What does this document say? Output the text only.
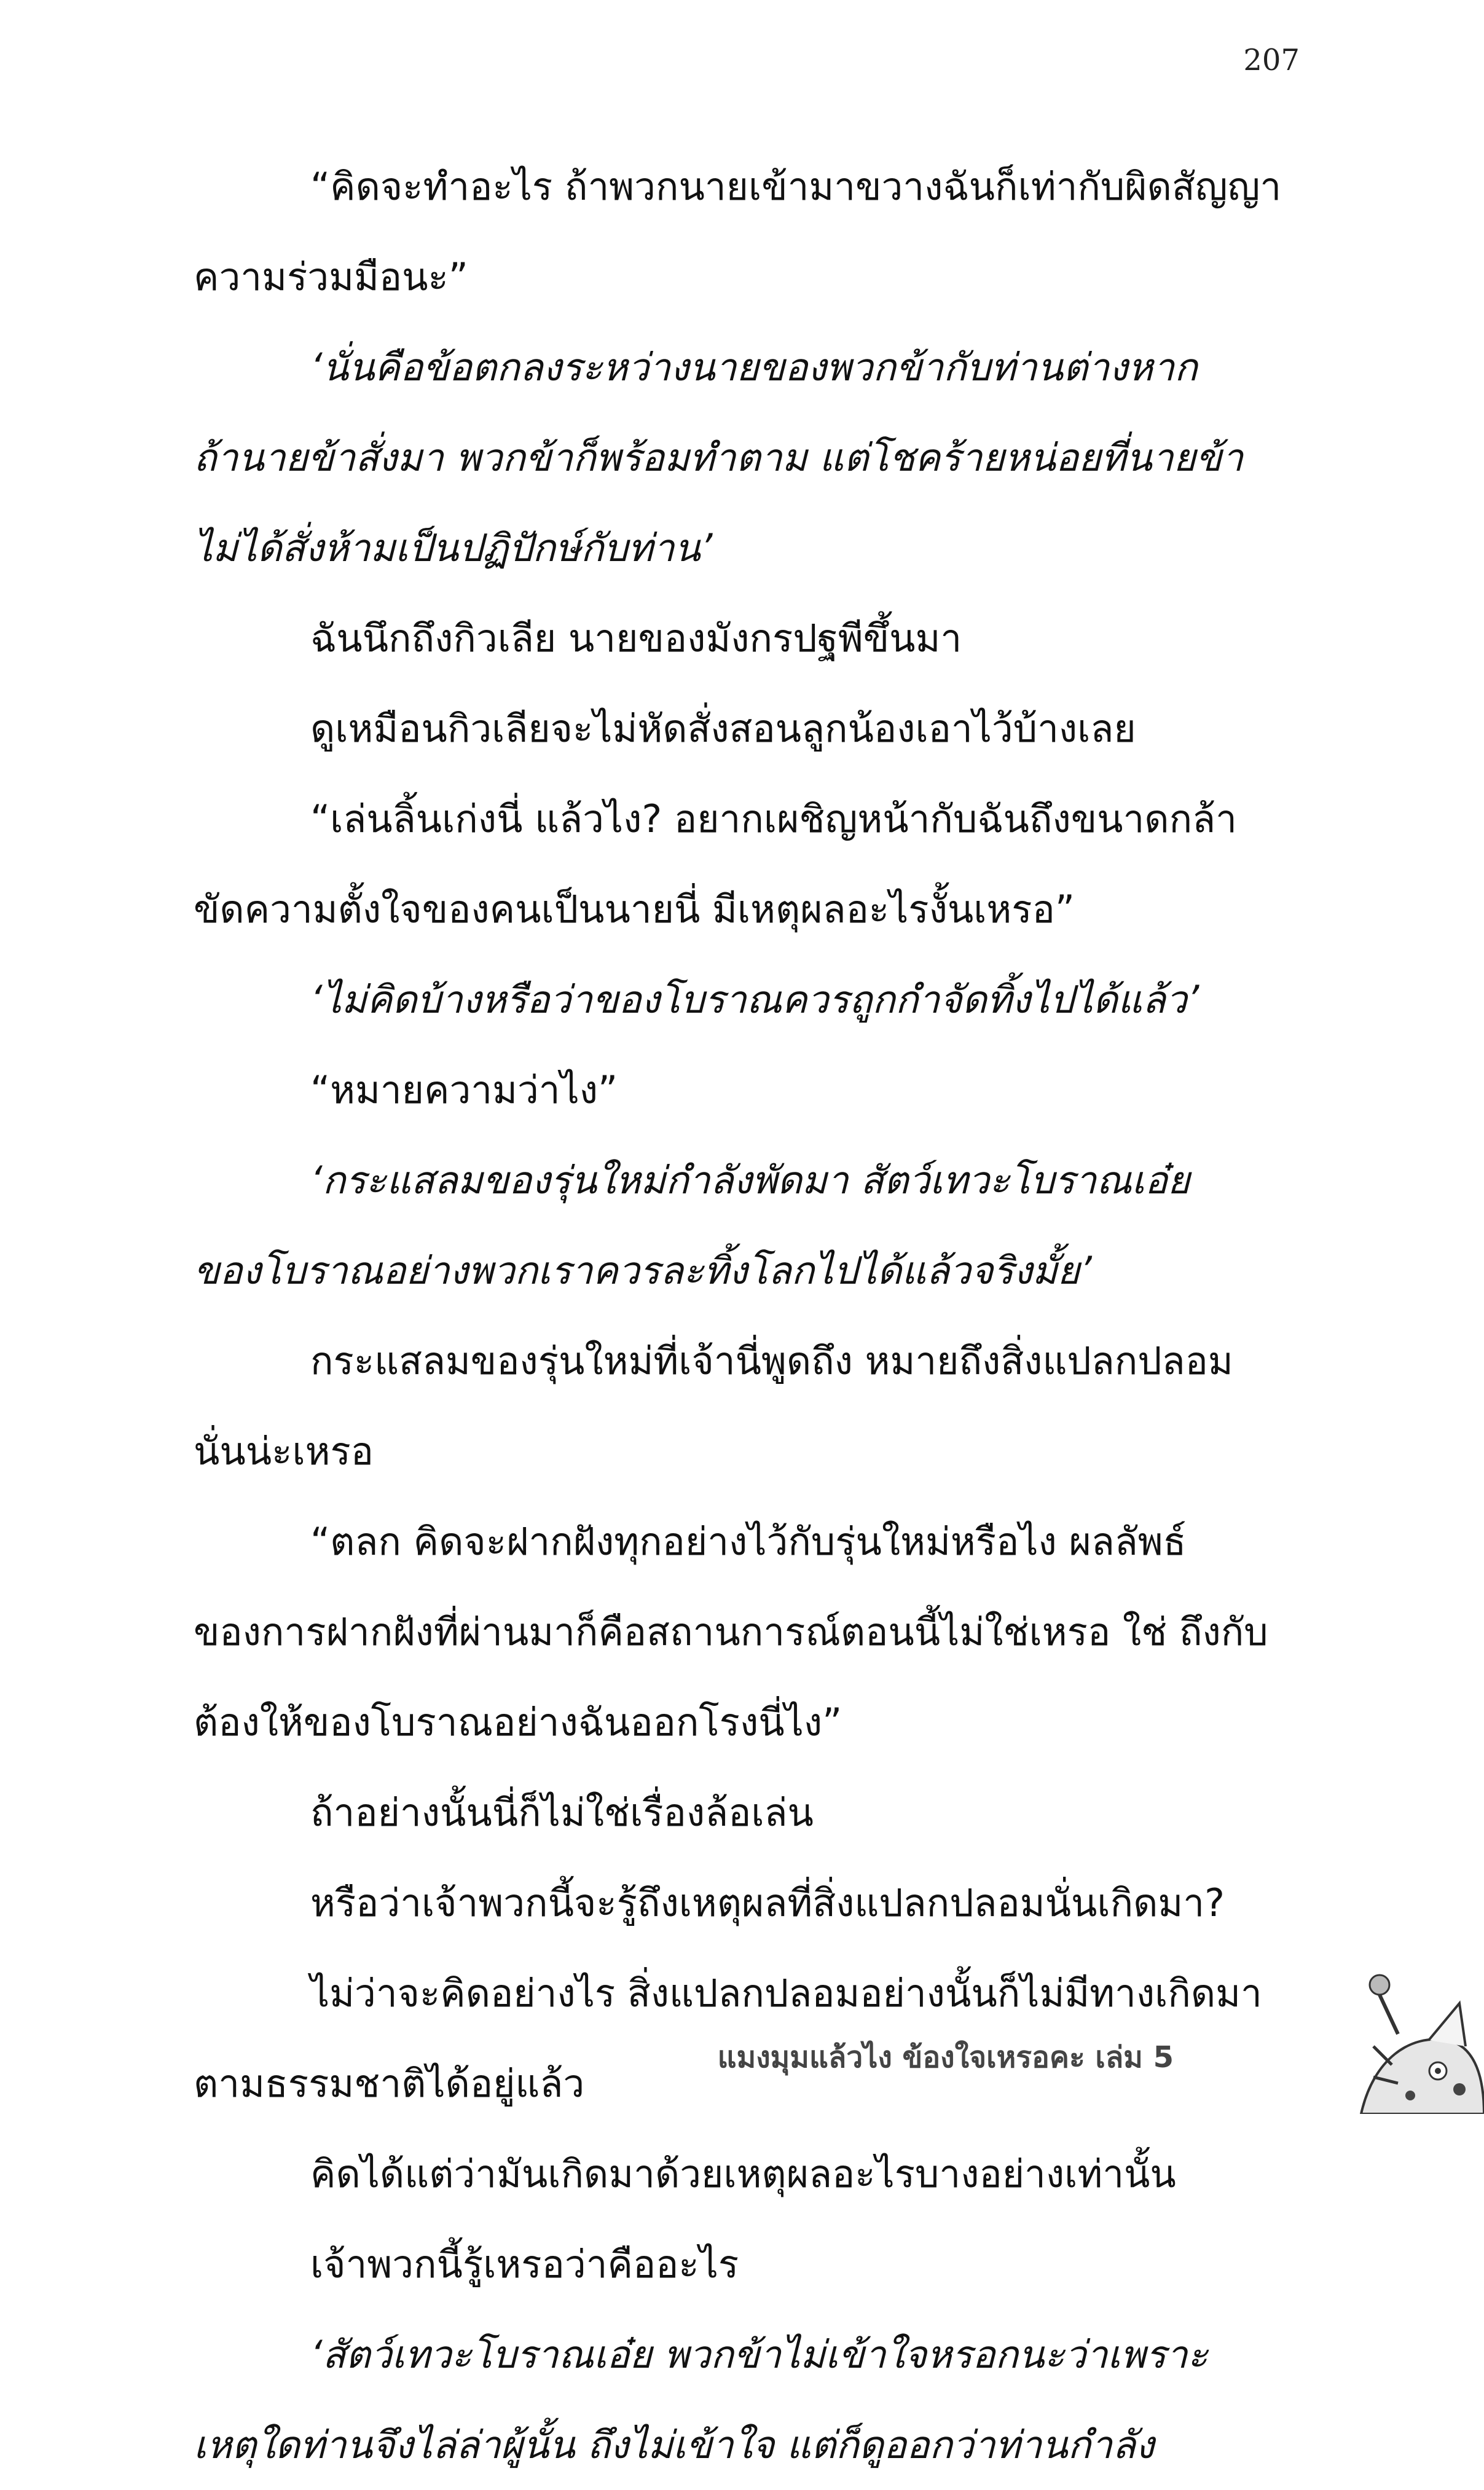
207
“คิดจะทำอะไร ถ้าพวกนายเข้ามาขวางฉันก็เท่ากับผิดสัญญา
ความร่วมมือนะ”
‘นั่นคือข้อตกลงระหว่างนายของพวกข้ากับท่านต่างหาก
ถ้านายข้าสั่งมา พวกข้าก็พร้อมทำตาม แต่โชคร้ายหน่อยที่นายข้า
ไม่ได้สั่งห้ามเป็นปฏิปักษ์กับท่าน’
ฉันนึกถึงกิวเลีย นายของมังกรปฐพีขึ้นมา
ดูเหมือนกิวเลียจะไม่หัดสั่งสอนลูกน้องเอาไว้บ้างเลย
“เล่นลิ้นเก่งนี่ แล้วไง? อยากเผชิญหน้ากับฉันถึงขนาดกล้า
ขัดความตั้งใจของคนเป็นนายนี่ มีเหตุผลอะไรงั้นเหรอ”
‘ไม่คิดบ้างหรือว่าของโบราณควรถูกกำจัดทิ้งไปได้แล้ว’
“หมายความว่าไง”
‘กระแสลมของรุ่นใหม่กำลังพัดมา สัตว์เทวะโบราณเอ๋ย
ของโบราณอย่างพวกเราควรละทิ้งโลกไปได้แล้วจริงมั้ย’
กระแสลมของรุ่นใหม่ที่เจ้านี่พูดถึง หมายถึงสิ่งแปลกปลอม
นั่นน่ะเหรอ
“ตลก คิดจะฝากฝังทุกอย่างไว้กับรุ่นใหม่หรือไง ผลลัพธ์
ของการฝากฝังที่ผ่านมาก็คือสถานการณ์ตอนนี้ไม่ใช่เหรอ ใช่ ถึงกับ
ต้องให้ของโบราณอย่างฉันออกโรงนี่ไง”
ถ้าอย่างนั้นนี่ก็ไม่ใช่เรื่องล้อเล่น
หรือว่าเจ้าพวกนี้จะรู้ถึงเหตุผลที่สิ่งแปลกปลอมนั่นเกิดมา?
ไม่ว่าจะคิดอย่างไร สิ่งแปลกปลอมอย่างนั้นก็ไม่มีทางเกิดมา
ตามธรรมชาติได้อยู่แล้ว
คิดได้แต่ว่ามันเกิดมาด้วยเหตุผลอะไรบางอย่างเท่านั้น
เจ้าพวกนี้รู้เหรอว่าคืออะไร
‘สัตว์เทวะโบราณเอ๋ย พวกข้าไม่เข้าใจหรอกนะว่าเพราะ
เหตุใดท่านจึงไล่ล่าผู้นั้น ถึงไม่เข้าใจ แต่ก็ดูออกว่าท่านกำลัง
แมงมุมแล้วไง ข้องใจเหรอคะ เล่ม 5
